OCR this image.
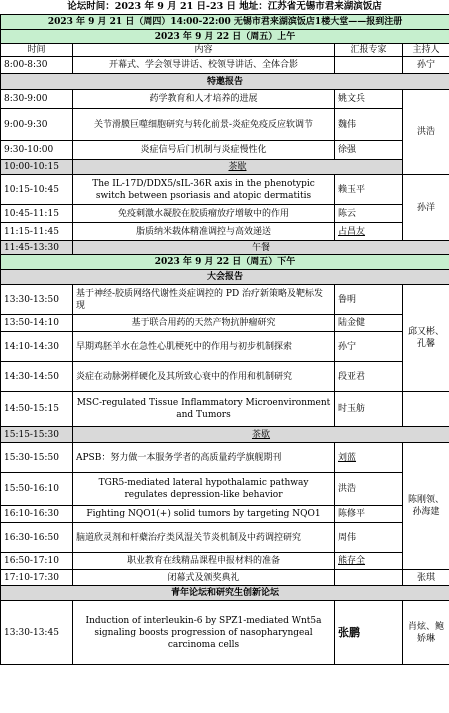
论坛时间：2023 年 9 月 21 日-23 日 地址：江苏省无锡市君来湖滨饭店
2023 年 9 月 21 日（周四）14:00-22:00 无锡市君来湖滨饭店1楼大堂——报到注册			
2023 年 9 月 22 日（周五）上午			
时间	内容	汇报专家	主持人
8:00-8:30	开幕式、学会领导讲话、校领导讲话、全体合影		孙宁
特邀报告			
8:30-9:00	药学教育和人才培养的进展	姚文兵	洪浩
9:00-9:30	关节滑膜巨噬细胞研究与转化前景-炎症免疫反应软调节	魏伟	
9:30-10:00	炎症信号后门机制与炎症慢性化	徐强	
10:00-10:15	茶歇		
10:15-10:45	The IL-17D/DDX5/sIL-36R axis in the phenotypic switch between psoriasis and atopic dermatitis	赖玉平	孙洋
10:45-11:15	免疫刺激水凝胶在胶质瘤放疗增敏中的作用	陈云	
11:15-11:45	脂质纳米载体精准调控与高效递送	占昌友	
11:45-13:30	午餐		
2023 年 9 月 22 日（周五）下午			
大会报告			
13:30-13:50	基于神经-胶质网络代谢性炎症调控的 PD 治疗新策略及靶标发现	鲁明	邱又彬、孔馨
13:50-14:10	基于联合用药的天然产物抗肿瘤研究	陆金健	
14:10-14:30	早期鸡胚羊水在急性心肌梗死中的作用与初步机制探索	孙宁	
14:30-14:50	炎症在动脉粥样硬化及其所致心衰中的作用和机制研究	段亚君	
14:50-15:15	MSC-regulated Tissue Inflammatory Microenvironment and Tumors	时玉舫	
15:15-15:30	茶歇		
15:30-15:50	APSB：努力做一本服务学者的高质量药学旗舰期刊	刘蓝	陈刚领、孙海建
15:50-16:10	TGR5-mediated lateral hypothalamic pathway regulates depression-like behavior	洪浩	
16:10-16:30	Fighting NQO1(+) solid tumors by targeting NQO1	陈修平	
16:30-16:50	脑道欣灵剂和杆蘗治疗类风湿关节炎机制及中药调控研究	周伟	
16:50-17:10	职业教育在线精品课程申报材料的准备	熊存全	
17:10-17:30	闭幕式及颁奖典礼		张琪
青年论坛和研究生创新论坛			
13:30-13:45	Induction of interleukin-6 by SPZ1-mediated Wnt5a signaling boosts progression of nasopharyngeal carcinoma cells	张鹏	肖炫、鲍娇琳
